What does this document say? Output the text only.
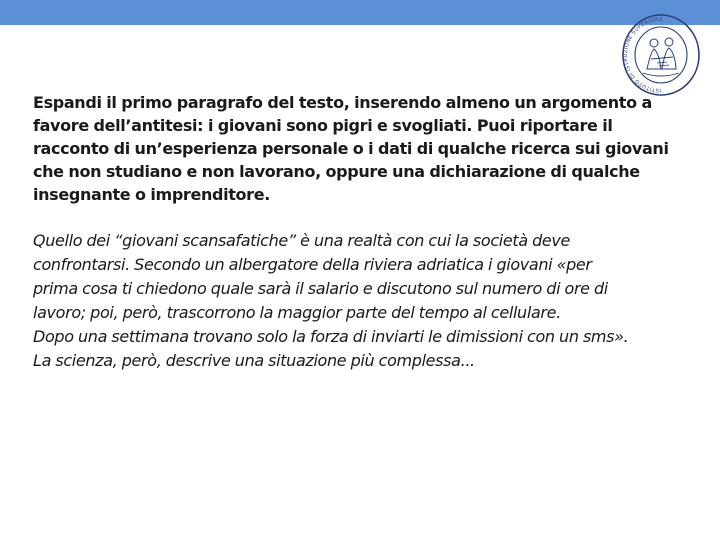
ISTITUTO DI ISTRUZIONE SUPERIORE

Espandi il primo paragrafo del testo, inserendo almeno un argomento a favore dell’antitesi: i giovani sono pigri e svogliati. Puoi riportare il racconto di un’esperienza personale o i dati di qualche ricerca sui giovani che non studiano e non lavorano, oppure una dichiarazione di qualche insegnante o imprenditore.

Quello dei “giovani scansafatiche” è una realtà con cui la società deve
confrontarsi. Secondo un albergatore della riviera adriatica i giovani «per
prima cosa ti chiedono quale sarà il salario e discutono sul numero di ore di
lavoro; poi, però, trascorrono la maggior parte del tempo al cellulare.
Dopo una settimana trovano solo la forza di inviarti le dimissioni con un sms».
La scienza, però, descrive una situazione più complessa...
